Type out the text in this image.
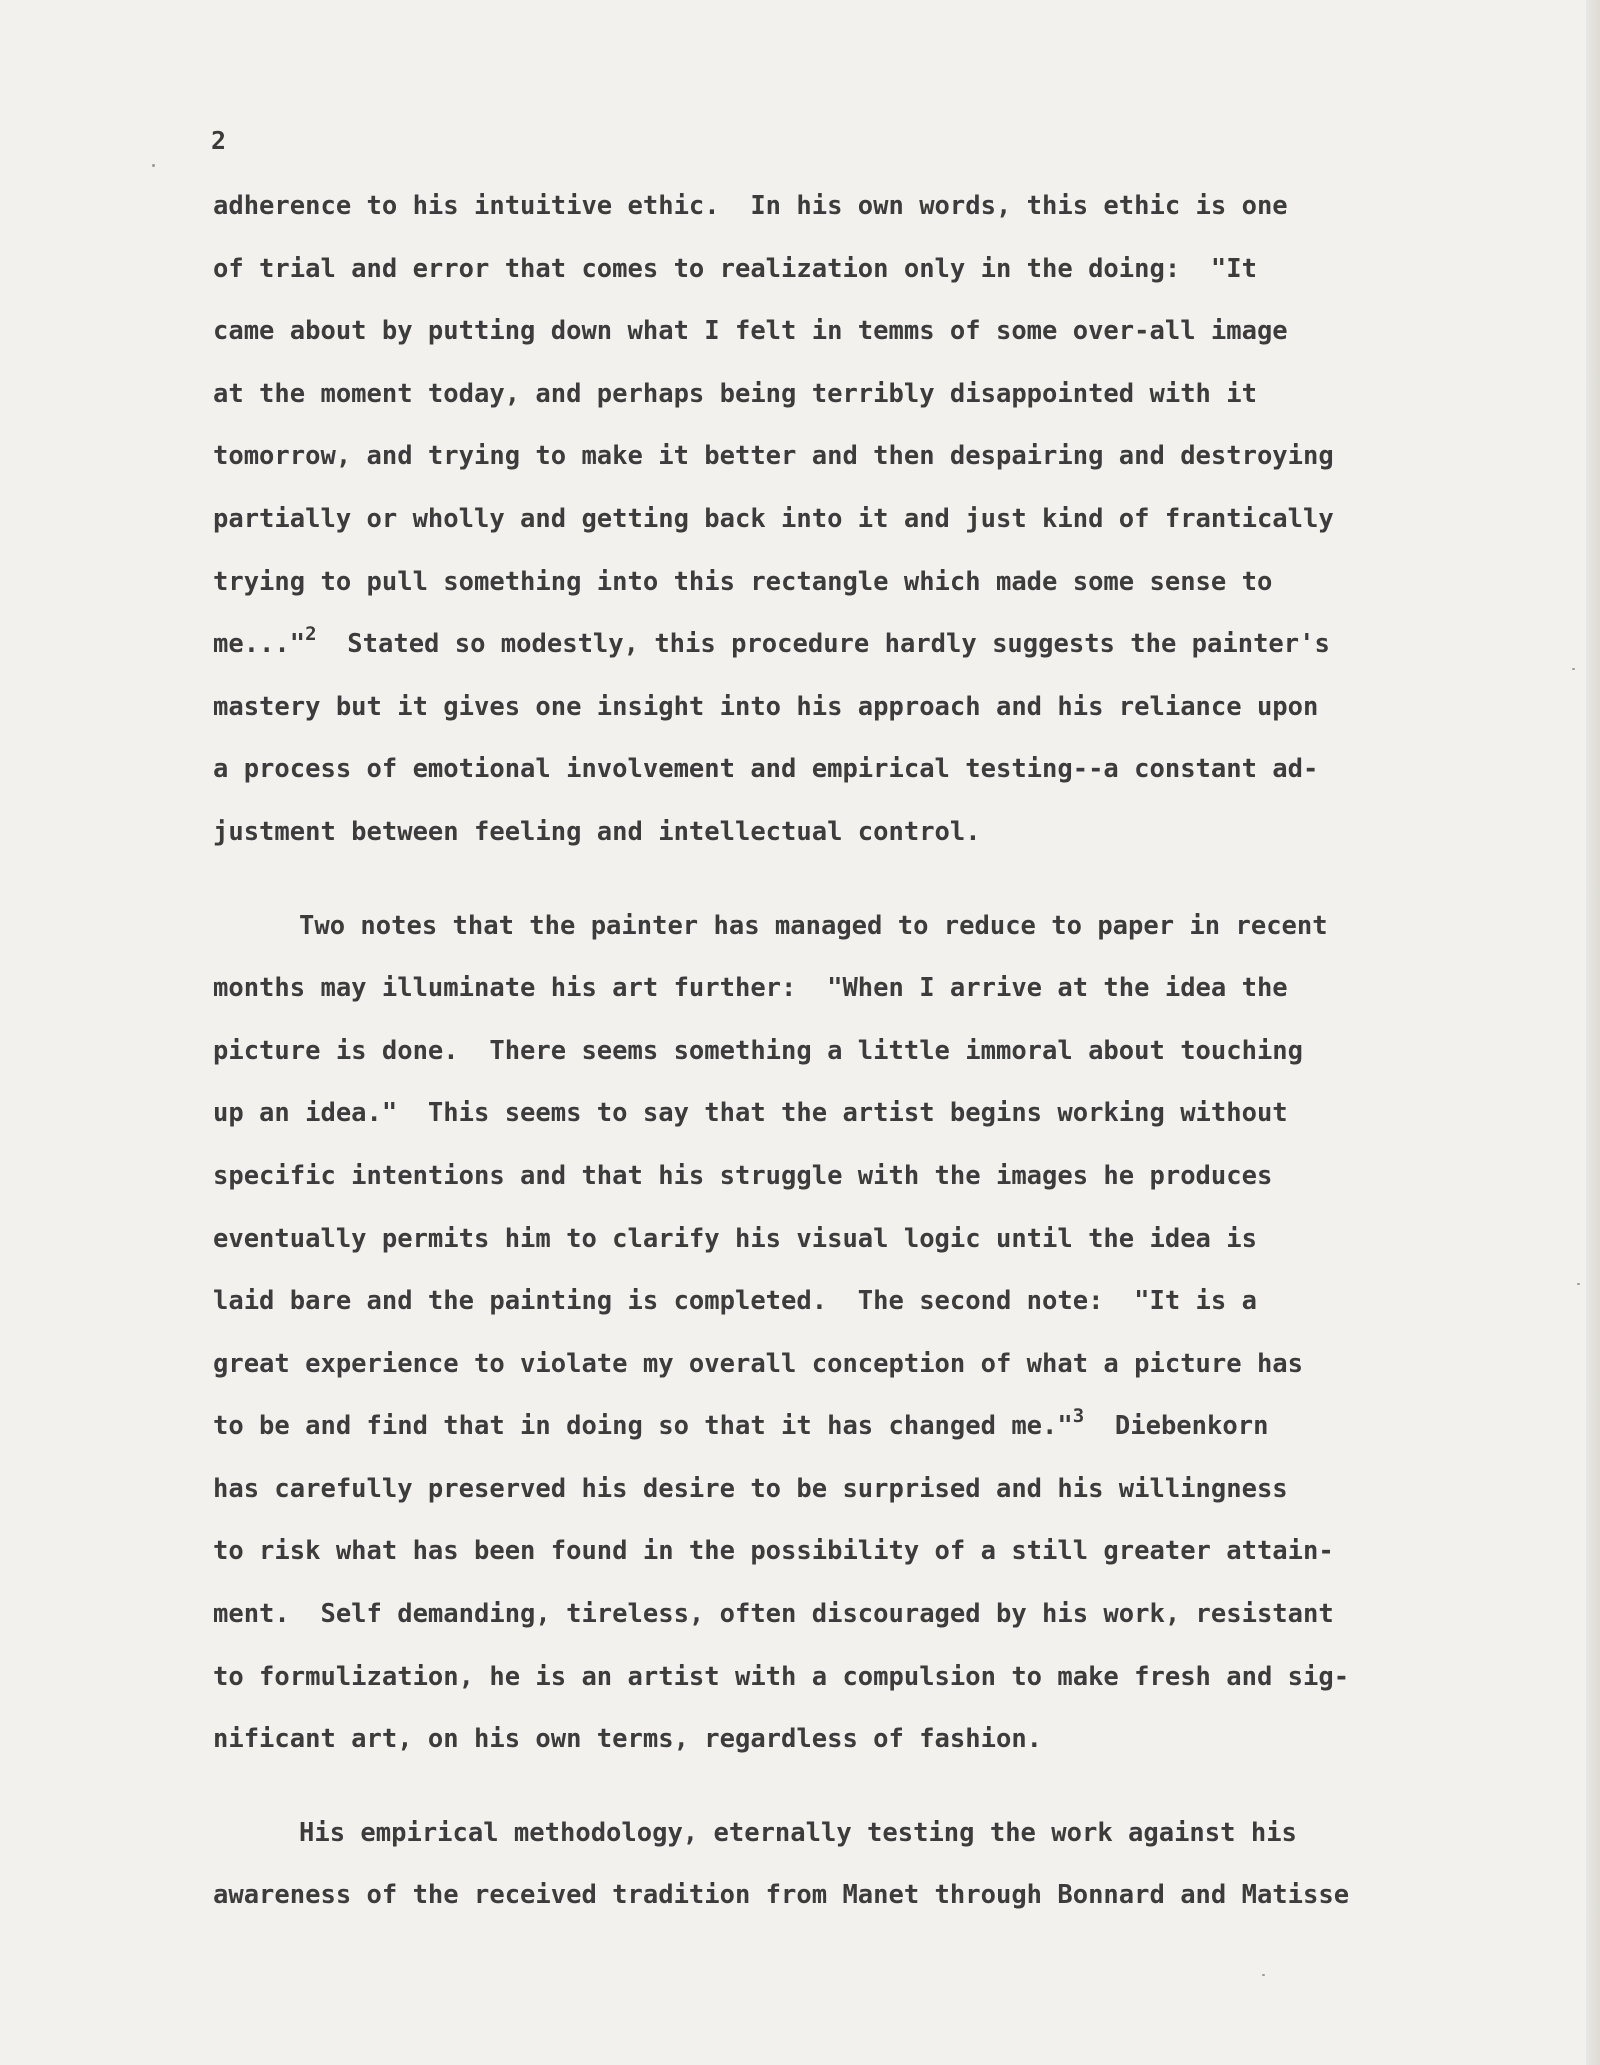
2
adherence to his intuitive ethic.  In his own words, this ethic is one
of trial and error that comes to realization only in the doing:  "It
came about by putting down what I felt in temms of some over-all image
at the moment today, and perhaps being terribly disappointed with it
tomorrow, and trying to make it better and then despairing and destroying
partially or wholly and getting back into it and just kind of frantically
trying to pull something into this rectangle which made some sense to
me..."$^2$  Stated so modestly, this procedure hardly suggests the painter's
mastery but it gives one insight into his approach and his reliance upon
a process of emotional involvement and empirical testing--a constant ad-
justment between feeling and intellectual control.
Two notes that the painter has managed to reduce to paper in recent
months may illuminate his art further:  "When I arrive at the idea the
picture is done.  There seems something a little immoral about touching
up an idea."  This seems to say that the artist begins working without
specific intentions and that his struggle with the images he produces
eventually permits him to clarify his visual logic until the idea is
laid bare and the painting is completed.  The second note:  "It is a
great experience to violate my overall conception of what a picture has
to be and find that in doing so that it has changed me."$^3$  Diebenkorn
has carefully preserved his desire to be surprised and his willingness
to risk what has been found in the possibility of a still greater attain-
ment.  Self demanding, tireless, often discouraged by his work, resistant
to formulization, he is an artist with a compulsion to make fresh and sig-
nificant art, on his own terms, regardless of fashion.
His empirical methodology, eternally testing the work against his
awareness of the received tradition from Manet through Bonnard and Matisse
